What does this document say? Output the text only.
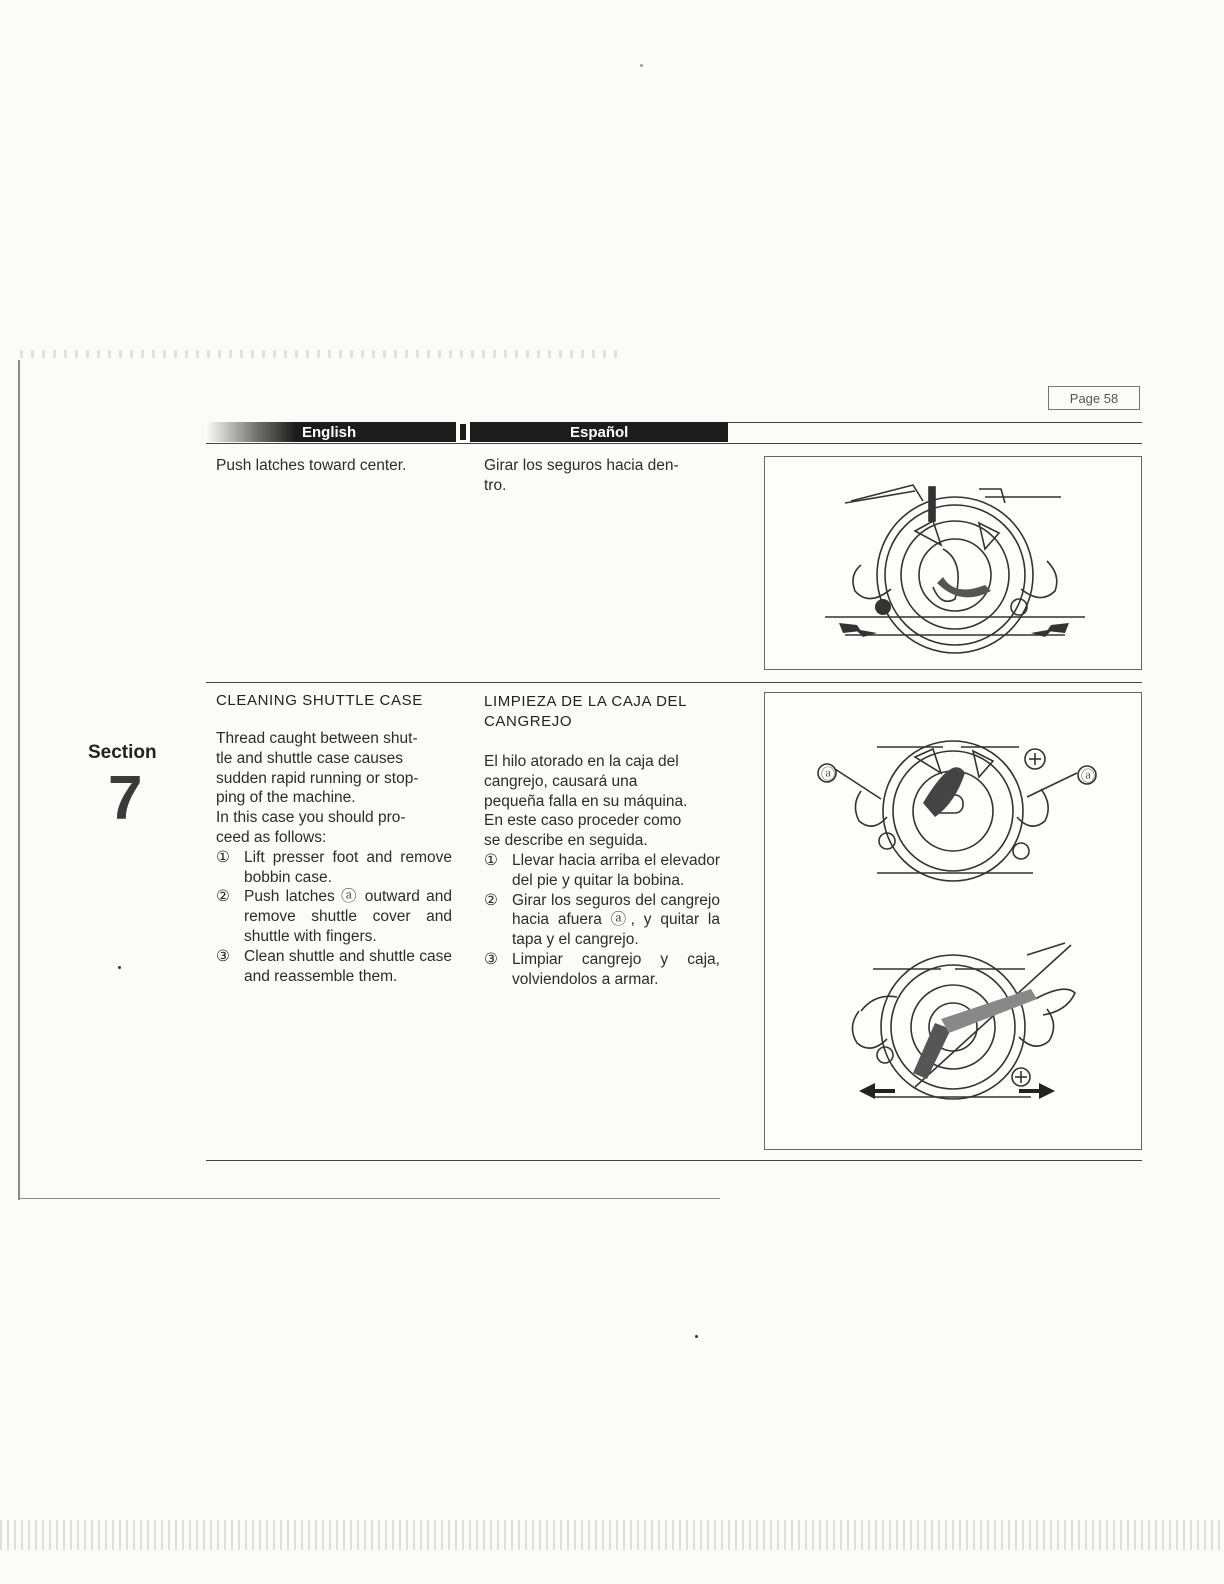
Page 58
English	Español
Push latches toward center.	Girar los seguros hacia den-
tro.
Section
7
CLEANING SHUTTLE CASE
Thread caught between shut-
tle and shuttle case causes
sudden rapid running or stop-
ping of the machine.
In this case you should pro-
ceed as follows:
① Lift presser foot and remove bobbin case.
② Push latches ⓐ outward and remove shuttle cover and shuttle with fingers.
③ Clean shuttle and shuttle case and reassemble them.
LIMPIEZA DE LA CAJA DEL CANGREJO
El hilo atorado en la caja del
cangrejo, causará una
pequeña falla en su máquina.
En este caso proceder como
se describe en seguida.
① Llevar hacia arriba el elevador del pie y quitar la bobina.
② Girar los seguros del cangrejo hacia afuera ⓐ, y quitar la tapa y el cangrejo.
③ Limpiar cangrejo y caja, volviendolos a armar.
ⓐ	ⓐ
